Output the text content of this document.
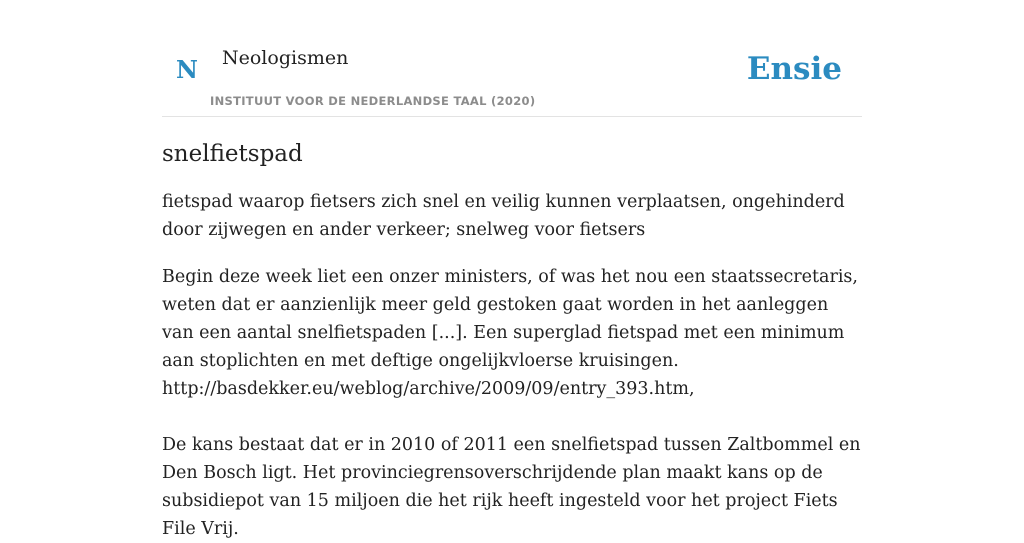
N Neologismen
INSTITUUT VOOR DE NEDERLANDSE TAAL (2020)
Ensie
snelfietspad

fietspad waarop fietsers zich snel en veilig kunnen verplaatsen, ongehinderd door zijwegen en ander verkeer; snelweg voor fietsers

Begin deze week liet een onzer ministers, of was het nou een staatssecretaris, weten dat er aanzienlijk meer geld gestoken gaat worden in het aanleggen van een aantal snelfietspaden [...]. Een superglad fietspad met een minimum aan stoplichten en met deftige ongelijkvloerse kruisingen.
http://basdekker.eu/weblog/archive/2009/09/entry_393.htm,
De kans bestaat dat er in 2010 of 2011 een snelfietspad tussen Zaltbommel en Den Bosch ligt. Het provinciegrensoverschrijdende plan maakt kans op de subsidiepot van 15 miljoen die het rijk heeft ingesteld voor het project Fiets File Vrij.
